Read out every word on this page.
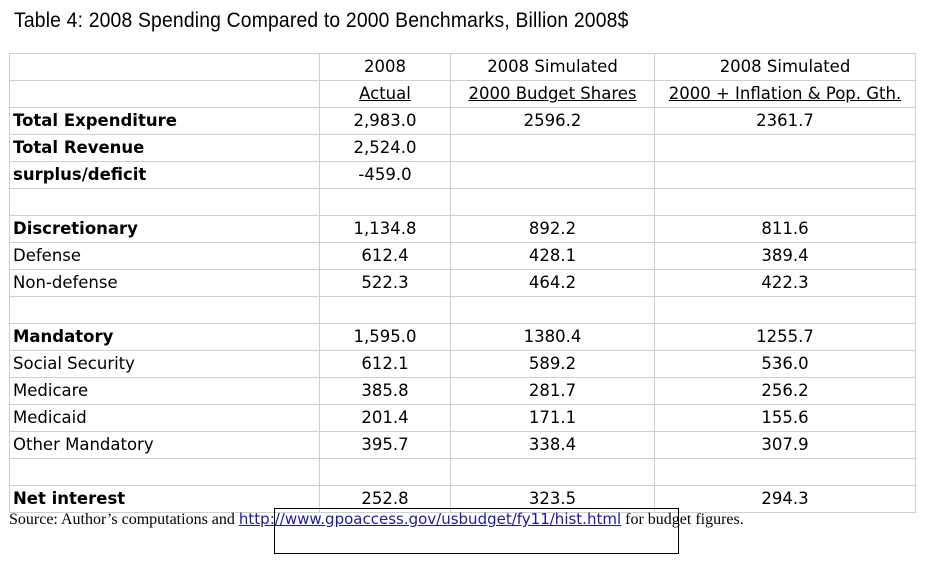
Table 4: 2008 Spending Compared to 2000 Benchmarks, Billion 2008$
	2008	2008 Simulated	2008 Simulated
	Actual	2000 Budget Shares	2000 + Inflation & Pop. Gth.
Total Expenditure	2,983.0	2596.2	2361.7
Total Revenue	2,524.0		
surplus/deficit	-459.0		

Discretionary	1,134.8	892.2	811.6
Defense	612.4	428.1	389.4
Non-defense	522.3	464.2	422.3

Mandatory	1,595.0	1380.4	1255.7
Social Security	612.1	589.2	536.0
Medicare	385.8	281.7	256.2
Medicaid	201.4	171.1	155.6
Other Mandatory	395.7	338.4	307.9

Net interest	252.8	323.5	294.3
Source: Author’s computations and http://www.gpoaccess.gov/usbudget/fy11/hist.html for budget figures.
